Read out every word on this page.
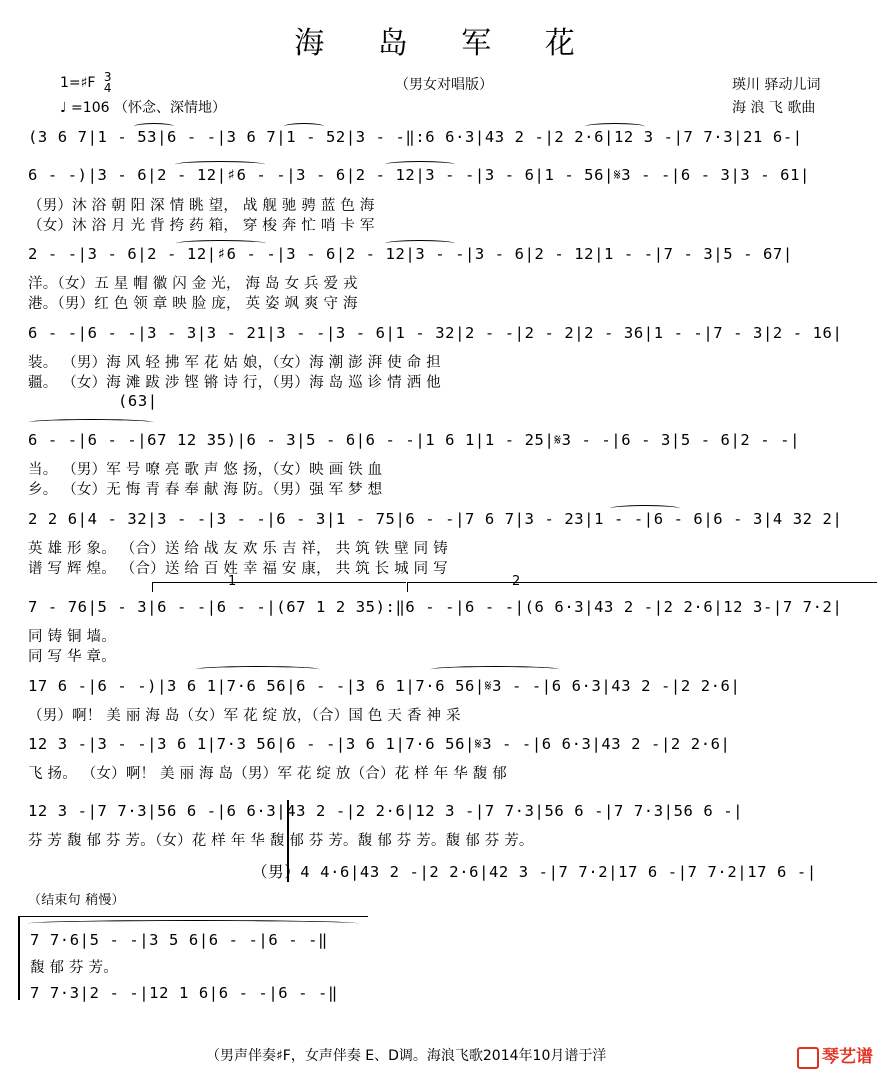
海 岛 军 花
1=♯F 3
4	（男女对唱版）
♩ =106 （怀念、深情地）
瑛川 驿动儿词
海 浪 飞 歌曲
(3 6 7|1 - 53|6 - -|3 6 7|1 - 52|3 - -‖:6 6·3|43 2 -|2 2·6|12 3 -|7 7·3|21 6-|
6 - -)|3 - 6|2 - 12|♯6 - -|3 - 6|2 - 12|3 - -|3 - 6|1 - 56|𝄋3 - -|6 - 3|3 - 61|
（男）沐 浴 朝 阳 深 情 眺 望， 战 舰 驰 骋 蓝 色 海
（女）沐 浴 月 光 背 挎 药 箱， 穿 梭 奔 忙 哨 卡 军
2 - -|3 - 6|2 - 12|♯6 - -|3 - 6|2 - 12|3 - -|3 - 6|2 - 12|1 - -|7 - 3|5 - 67|
洋。（女）五 星 帽 徽 闪 金 光， 海 岛 女 兵 爱 戎
港。（男）红 色 领 章 映 脸 庞， 英 姿 飒 爽 守 海
6 - -|6 - -|3 - 3|3 - 21|3 - -|3 - 6|1 - 32|2 - -|2 - 2|2 - 36|1 - -|7 - 3|2 - 16|
装。 （男）海 风 轻 拂 军 花 姑 娘，（女）海 潮 澎 湃 使 命 担
疆。 （女）海 滩 跋 涉 铿 锵 诗 行，（男）海 岛 巡 诊 情 洒 他
(63|
6 - -|6 - -|67 12 35)|6 - 3|5 - 6|6 - -|1 6 1|1 - 25|𝄋3 - -|6 - 3|5 - 6|2 - -|
当。 （男）军 号 嘹 亮 歌 声 悠 扬，（女）映 画 铁 血
乡。 （女）无 悔 青 春 奉 献 海 防。（男）强 军 梦 想
2 2 6|4 - 32|3 - -|3 - -|6 - 3|1 - 75|6 - -|7 6 7|3 - 23|1 - -|6 - 6|6 - 3|4 32 2|
英 雄 形 象。 （合）送 给 战 友 欢 乐 吉 祥， 共 筑 铁 壁 同 铸
谱 写 辉 煌。 （合）送 给 百 姓 幸 福 安 康， 共 筑 长 城 同 写
1	2
7 - 76|5 - 3|6 - -|6 - -|(67 1 2 35):‖6 - -|6 - -|(6 6·3|43 2 -|2 2·6|12 3-|7 7·2|
同 铸 铜 墙。
同 写 华 章。
17 6 -|6 - -)|3 6 1|7·6 56|6 - -|3 6 1|7·6 56|𝄋3 - -|6 6·3|43 2 -|2 2·6|
（男）啊！ 美 丽 海 岛（女）军 花 绽 放，（合）国 色 天 香 神 采
12 3 -|3 - -|3 6 1|7·3 56|6 - -|3 6 1|7·6 56|𝄋3 - -|6 6·3|43 2 -|2 2·6|
飞 扬。 （女）啊！ 美 丽 海 岛（男）军 花 绽 放（合）花 样 年 华 馥 郁
12 3 -|7 7·3|56 6 -|6 6·3|43 2 -|2 2·6|12 3 -|7 7·3|56 6 -|7 7·3|56 6 -|
芬 芳 馥 郁 芬 芳。（女）花 样 年 华 馥 郁 芬 芳。馥 郁 芬 芳。馥 郁 芬 芳。
（男）4 4·6|43 2 -|2 2·6|42 3 -|7 7·2|17 6 -|7 7·2|17 6 -|
（结束句 稍慢）
7 7·6|5 - -|3 5 6|6 - -|6 - -‖
馥 郁 芬 芳。
7 7·3|2 - -|12 1 6|6 - -|6 - -‖
（男声伴奏♯F，女声伴奏 E、D调。海浪飞歌2014年10月谱于洋	琴艺谱
